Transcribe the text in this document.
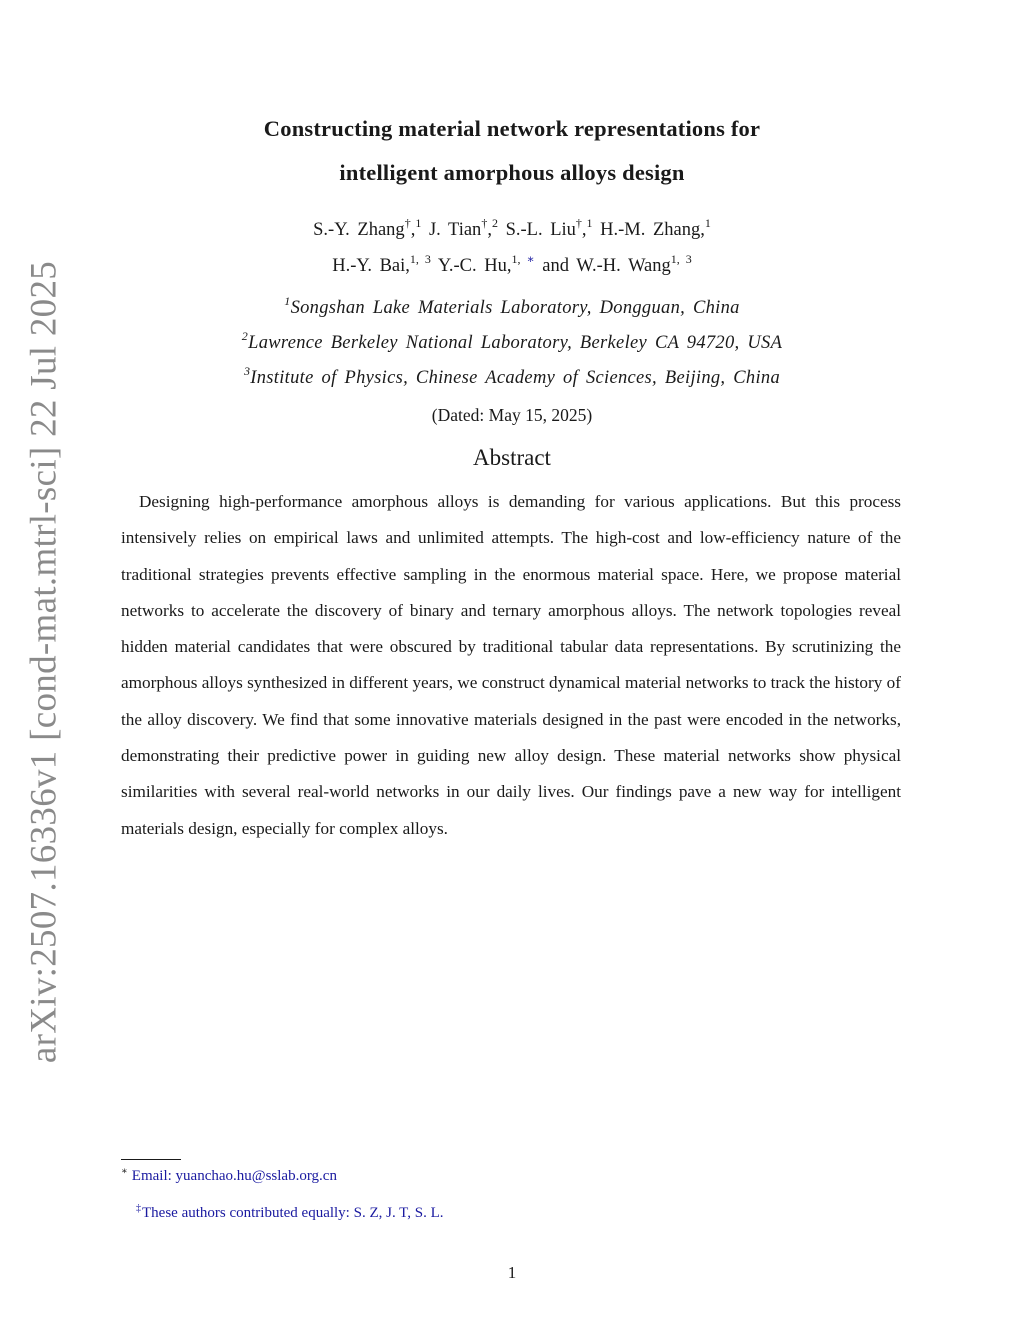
arXiv:2507.16336v1 [cond-mat.mtrl-sci] 22 Jul 2025
Constructing material network representations for
intelligent amorphous alloys design
S.-Y. Zhang†,$^1$ J. Tian†,$^2$ S.-L. Liu†,$^1$ H.-M. Zhang,$^1$
H.-Y. Bai,$^{1, 3}$ Y.-C. Hu,$^{1, ∗}$ and W.-H. Wang$^{1, 3}$
$^1$Songshan Lake Materials Laboratory, Dongguan, China
$^2$Lawrence Berkeley National Laboratory, Berkeley CA 94720, USA
$^3$Institute of Physics, Chinese Academy of Sciences, Beijing, China
(Dated: May 15, 2025)
Abstract

Designing high-performance amorphous alloys is demanding for various applications. But this process intensively relies on empirical laws and unlimited attempts. The high-cost and low-efficiency nature of the traditional strategies prevents effective sampling in the enormous material space. Here, we propose material networks to accelerate the discovery of binary and ternary amorphous alloys. The network topologies reveal hidden material candidates that were obscured by traditional tabular data representations. By scrutinizing the amorphous alloys synthesized in different years, we construct dynamical material networks to track the history of the alloy discovery. We find that some innovative materials designed in the past were encoded in the networks, demonstrating their predictive power in guiding new alloy design. These material networks show physical similarities with several real-world networks in our daily lives. Our findings pave a new way for intelligent materials design, especially for complex alloys.

∗ Email: yuanchao.hu@sslab.org.cn
‡These authors contributed equally: S. Z, J. T, S. L.
1
